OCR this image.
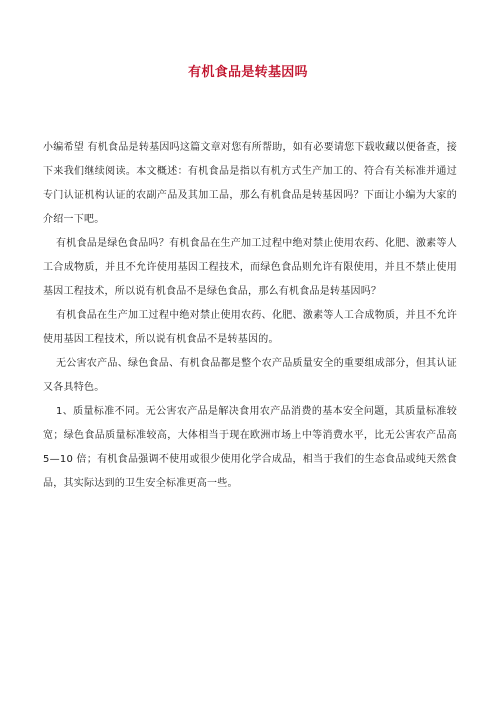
有机食品是转基因吗

小编希望 有机食品是转基因吗这篇文章对您有所帮助，如有必要请您下载收藏以便备查，接下来我们继续阅读。本文概述：有机食品是指以有机方式生产加工的、符合有关标准并通过专门认证机构认证的农副产品及其加工品，那么有机食品是转基因吗？下面让小编为大家的介绍一下吧。

有机食品是绿色食品吗？有机食品在生产加工过程中绝对禁止使用农药、化肥、激素等人工合成物质，并且不允许使用基因工程技术，而绿色食品则允许有限使用，并且不禁止使用基因工程技术，所以说有机食品不是绿色食品，那么有机食品是转基因吗？

有机食品在生产加工过程中绝对禁止使用农药、化肥、激素等人工合成物质，并且不允许使用基因工程技术，所以说有机食品不是转基因的。

无公害农产品、绿色食品、有机食品都是整个农产品质量安全的重要组成部分，但其认证又各具特色。

1、质量标准不同。无公害农产品是解决食用农产品消费的基本安全问题，其质量标准较宽；绿色食品质量标准较高，大体相当于现在欧洲市场上中等消费水平，比无公害农产品高 5—10 倍；有机食品强调不使用或很少使用化学合成品，相当于我们的生态食品或纯天然食品，其实际达到的卫生安全标准更高一些。
